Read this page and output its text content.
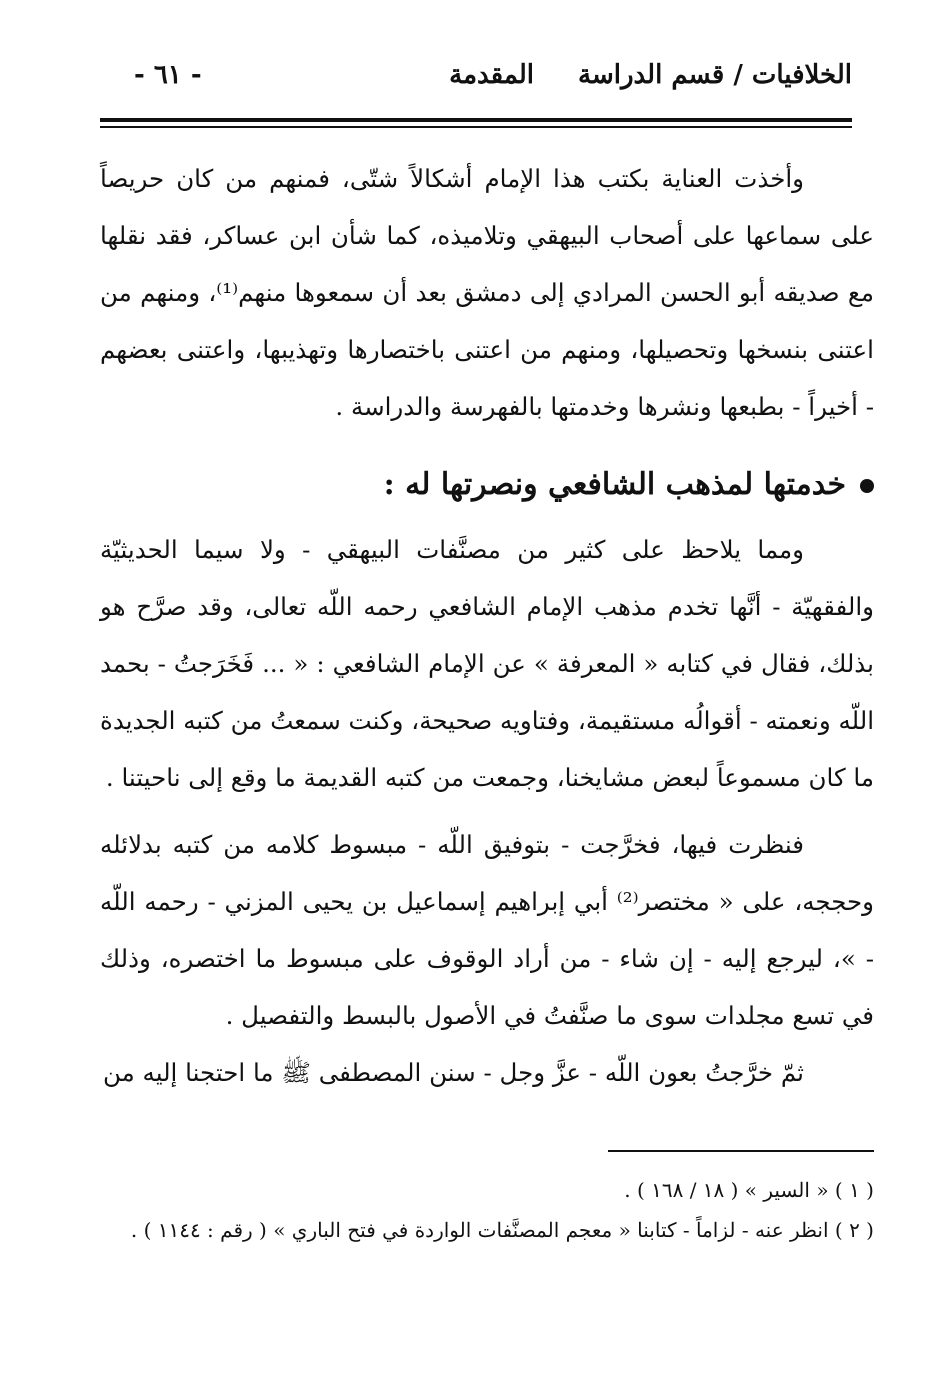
الخلافيات / قسم الدراسةالمقدمة
- ٦١ -

وأخذت العناية بكتب هذا الإمام أشكالاً شتّى، فمنهم من كان حريصاً على سماعها على أصحاب البيهقي وتلاميذه، كما شأن ابن عساكر، فقد نقلها مع صديقه أبو الحسن المرادي إلى دمشق بعد أن سمعوها منهم⁽¹⁾، ومنهم من اعتنى بنسخها وتحصيلها، ومنهم من اعتنى باختصارها وتهذيبها، واعتنى بعضهم - أخيراً - بطبعها ونشرها وخدمتها بالفهرسة والدراسة .

خدمتها لمذهب الشافعي ونصرتها له :

ومما يلاحظ على كثير من مصنَّفات البيهقي - ولا سيما الحديثيّة والفقهيّة - أنَّها تخدم مذهب الإمام الشافعي رحمه اللّه تعالى، وقد صرَّح هو بذلك، فقال في كتابه « المعرفة » عن الإمام الشافعي : « ... فَخَرَجتُ - بحمد اللّه ونعمته - أقوالُه مستقيمة، وفتاويه صحيحة، وكنت سمعتُ من كتبه الجديدة ما كان مسموعاً لبعض مشايخنا، وجمعت من كتبه القديمة ما وقع إلى ناحيتنا .

فنظرت فيها، فخرَّجت - بتوفيق اللّه - مبسوط كلامه من كتبه بدلائله وحججه، على « مختصر⁽²⁾ أبي إبراهيم إسماعيل بن يحيى المزني - رحمه اللّه - »، ليرجع إليه - إن شاء - من أراد الوقوف على مبسوط ما اختصره، وذلك في تسع مجلدات سوى ما صنَّفتُ في الأصول بالبسط والتفصيل .

ثمّ خرَّجتُ بعون اللّه - عزَّ وجل - سنن المصطفى ﷺ ما احتجنا إليه من

( ١ ) « السير » ( ١٨ / ١٦٨ ) .
( ٢ ) انظر عنه - لزاماً - كتابنا « معجم المصنَّفات الواردة في فتح الباري » ( رقم : ١١٤٤ ) .
